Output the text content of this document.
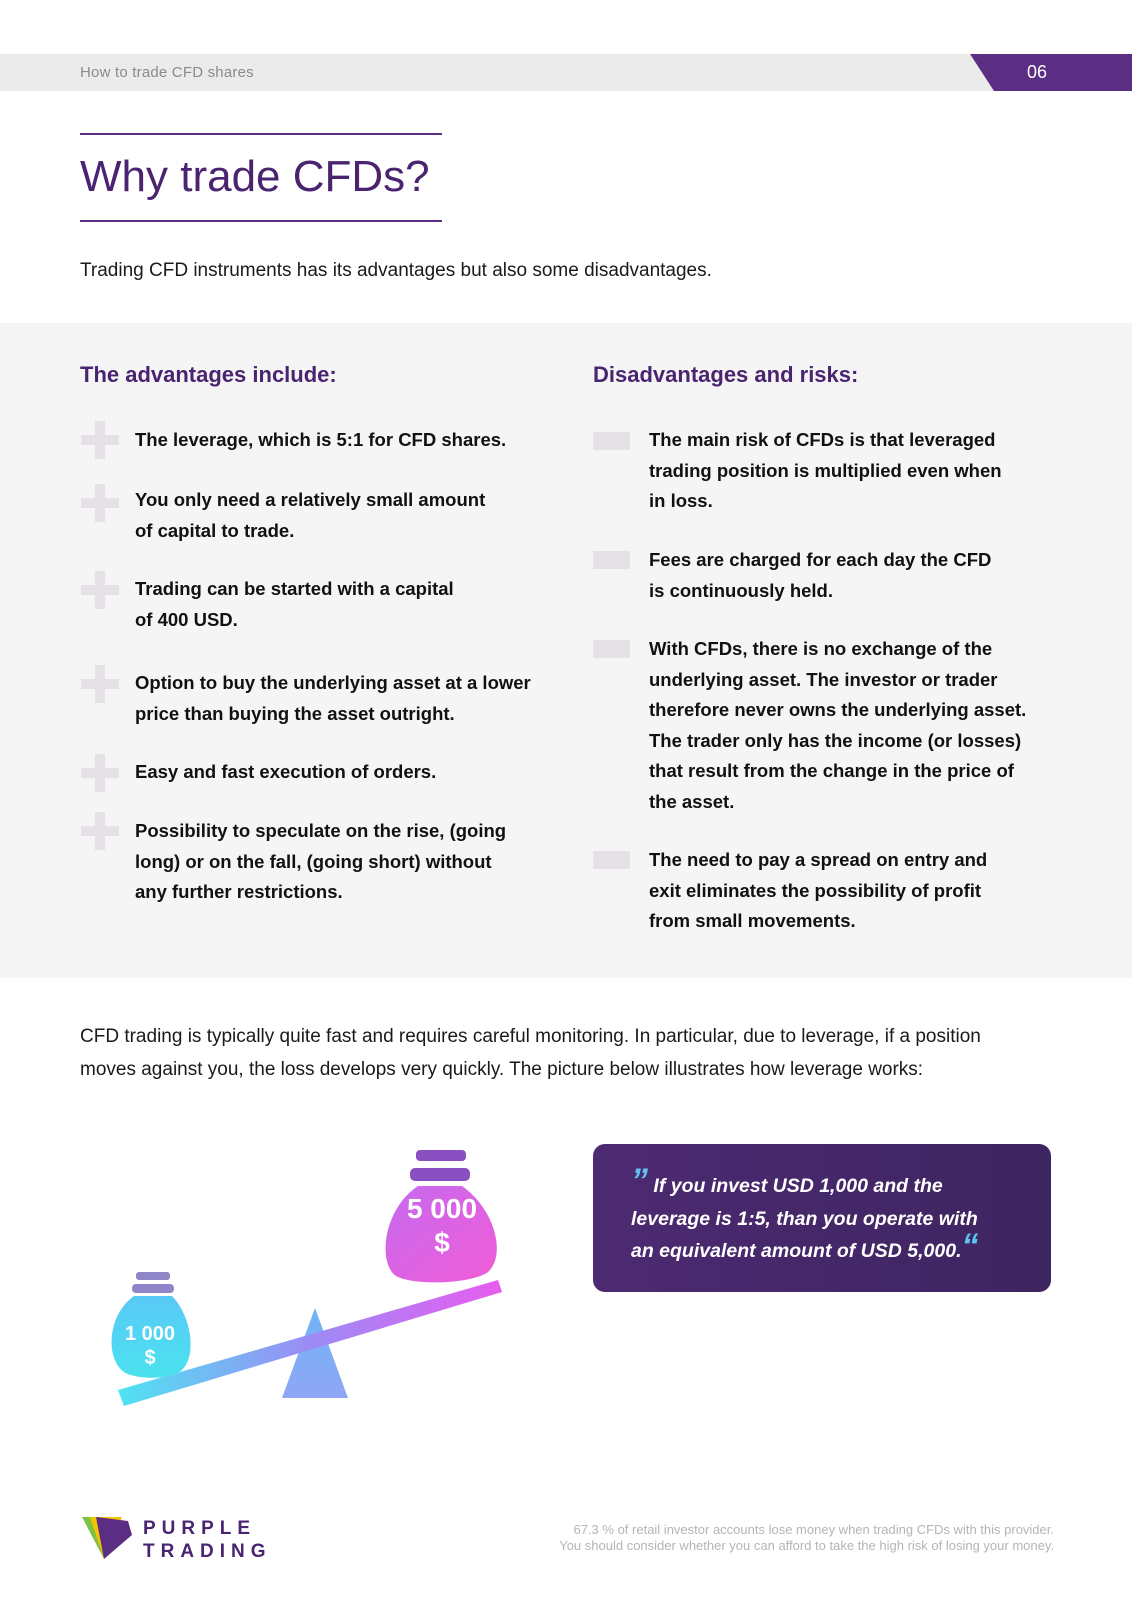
How to trade CFD shares	06
Why trade CFDs?
Trading CFD instruments has its advantages but also some disadvantages.
The advantages include:	Disadvantages and risks:
The leverage, which is 5:1 for CFD shares.
You only need a relatively small amount
of capital to trade.
Trading can be started with a capital
of 400 USD.
Option to buy the underlying asset at a lower
price than buying the asset outright.
Easy and fast execution of orders.
Possibility to speculate on the rise, (going
long) or on the fall, (going short) without
any further restrictions.
The main risk of CFDs is that leveraged
trading position is multiplied even when
in loss.
Fees are charged for each day the CFD
is continuously held.
With CFDs, there is no exchange of the
underlying asset. The investor or trader
therefore never owns the underlying asset.
The trader only has the income (or losses)
that result from the change in the price of
the asset.
The need to pay a spread on entry and
exit eliminates the possibility of profit
from small movements.
CFD trading is typically quite fast and requires careful monitoring. In particular, due to leverage, if a position
moves against you, the loss develops very quickly. The picture below illustrates how leverage works:
1 000
$
5 000
$
” If you invest USD 1,000 and the
leverage is 1:5, than you operate with
an equivalent amount of USD 5,000.“
PURPLE
TRADING
67.3 % of retail investor accounts lose money when trading CFDs with this provider.
You should consider whether you can afford to take the high risk of losing your money.
